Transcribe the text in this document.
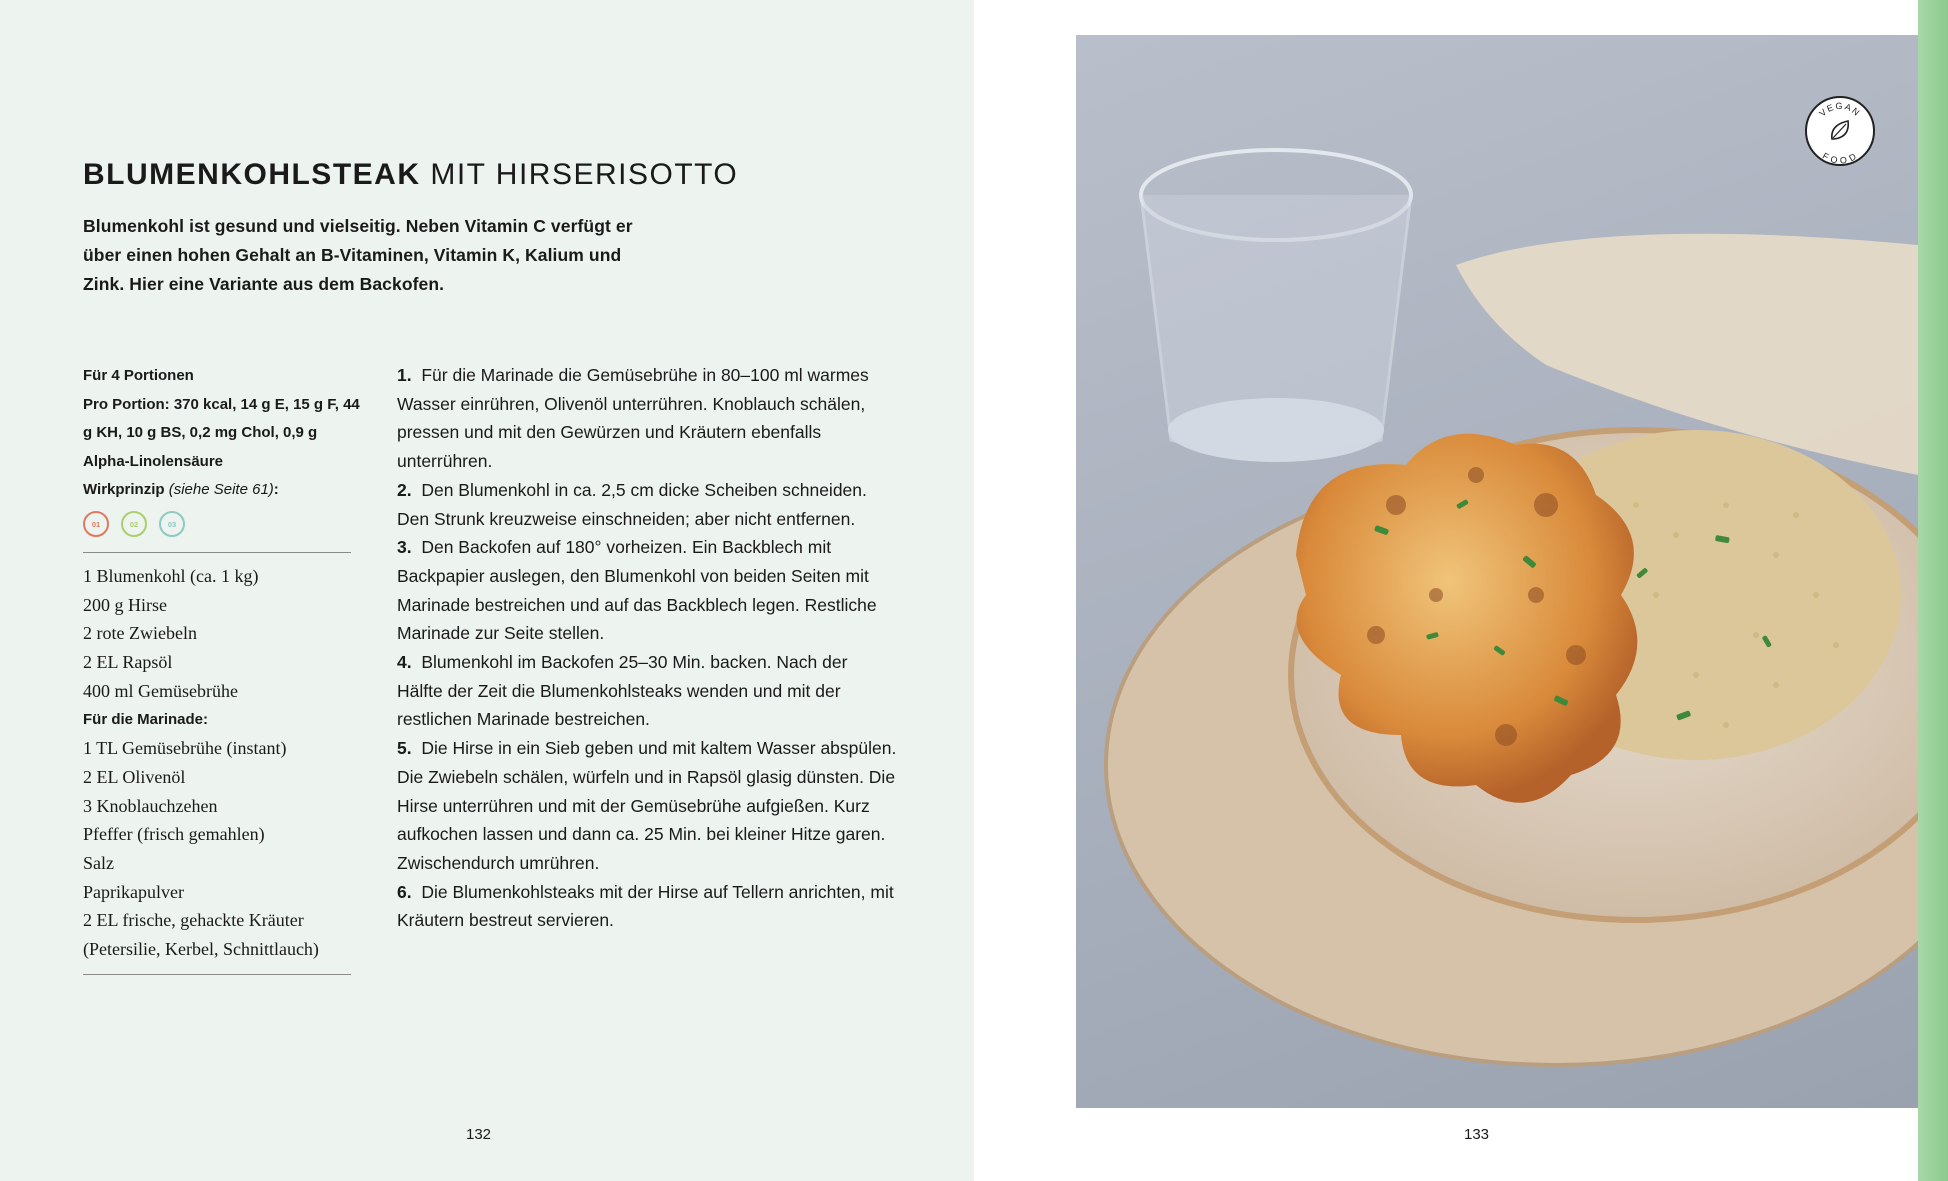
BLUMENKOHLSTEAK MIT HIRSERISOTTO
Blumenkohl ist gesund und vielseitig. Neben Vitamin C verfügt er über einen hohen Gehalt an B-Vitaminen, Vitamin K, Kalium und Zink. Hier eine Variante aus dem Backofen.
Für 4 Portionen
Pro Portion: 370 kcal, 14 g E, 15 g F, 44 g KH, 10 g BS, 0,2 mg Chol, 0,9 g Alpha-Linolensäure
Wirkprinzip (siehe Seite 61):
01	02	03
1 Blumenkohl (ca. 1 kg)
200 g Hirse
2 rote Zwiebeln
2 EL Rapsöl
400 ml Gemüsebrühe
Für die Marinade:
1 TL Gemüsebrühe (instant)
2 EL Olivenöl
3 Knoblauchzehen
Pfeffer (frisch gemahlen)
Salz
Paprikapulver
2 EL frische, gehackte Kräuter (Petersilie, Kerbel, Schnittlauch)

1. Für die Marinade die Gemüsebrühe in 80–100 ml warmes Wasser einrühren, Olivenöl unterrühren. Knoblauch schälen, pressen und mit den Gewürzen und Kräutern ebenfalls unterrühren.

2. Den Blumenkohl in ca. 2,5 cm dicke Scheiben schneiden. Den Strunk kreuzweise einschneiden; aber nicht entfernen.

3. Den Backofen auf 180° vorheizen. Ein Backblech mit Backpapier auslegen, den Blumenkohl von beiden Seiten mit Marinade bestreichen und auf das Backblech legen. Restliche Marinade zur Seite stellen.

4. Blumenkohl im Backofen 25–30 Min. backen. Nach der Hälfte der Zeit die Blumenkohlsteaks wenden und mit der restlichen Marinade bestreichen.

5. Die Hirse in ein Sieb geben und mit kaltem Wasser abspülen. Die Zwiebeln schälen, würfeln und in Rapsöl glasig dünsten. Die Hirse unterrühren und mit der Gemüsebrühe aufgießen. Kurz aufkochen lassen und dann ca. 25 Min. bei kleiner Hitze garen. Zwischendurch umrühren.

6. Die Blumenkohlsteaks mit der Hirse auf Tellern anrichten, mit Kräutern bestreut servieren.

132	133
VEGAN
FOOD
